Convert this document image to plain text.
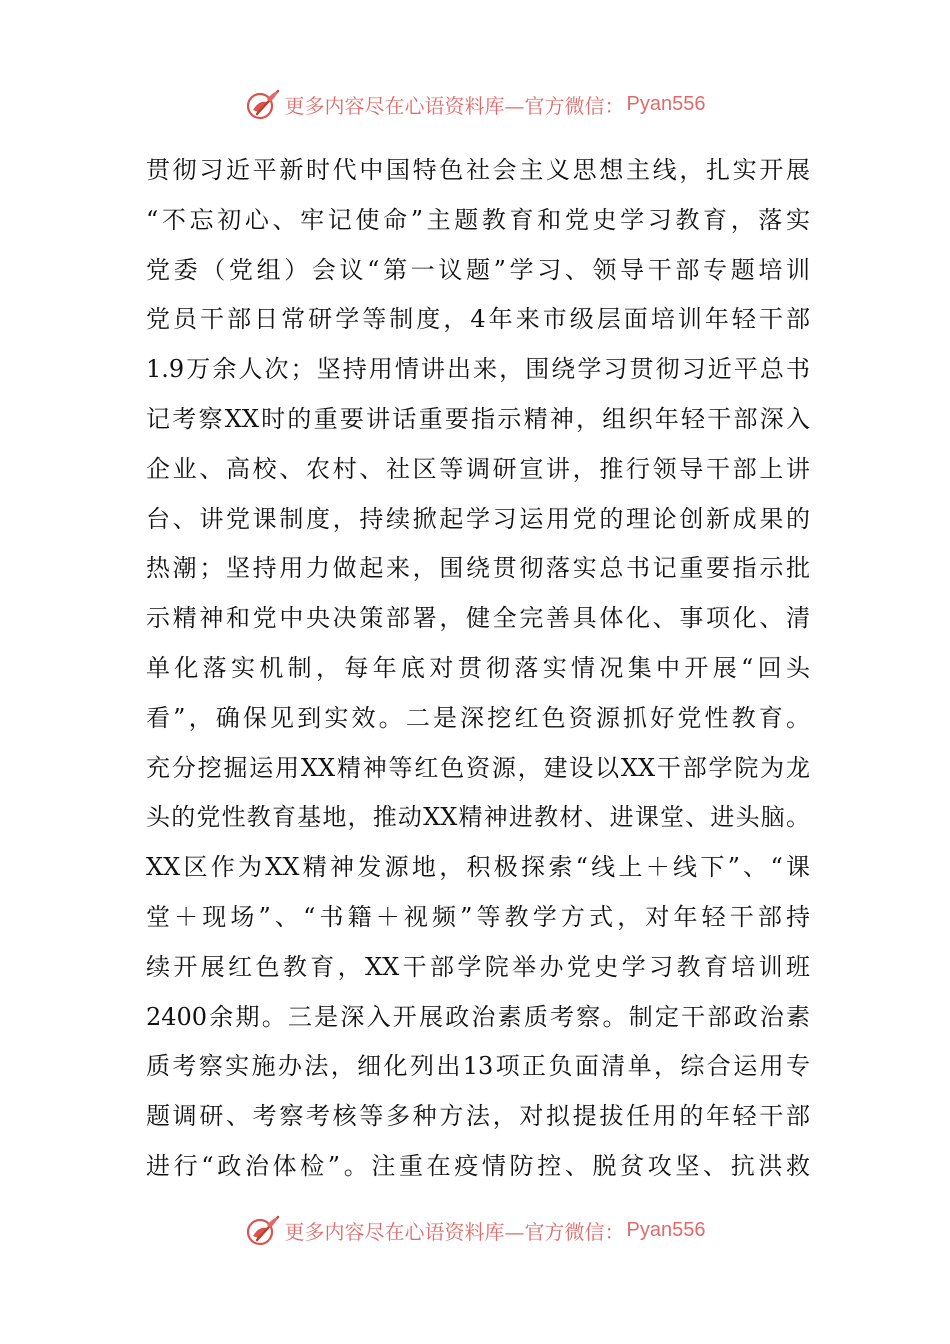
更多内容尽在心语资料库—官方微信： Pyan556
贯彻习近平新时代中国特色社会主义思想主线，扎实开展
“不忘初心、牢记使命”主题教育和党史学习教育，落实
党委（党组）会议“第一议题”学习、领导干部专题培训
党员干部日常研学等制度，4年来市级层面培训年轻干部
1.9万余人次；坚持用情讲出来，围绕学习贯彻习近平总书
记考察XX时的重要讲话重要指示精神，组织年轻干部深入
企业、高校、农村、社区等调研宣讲，推行领导干部上讲
台、讲党课制度，持续掀起学习运用党的理论创新成果的
热潮；坚持用力做起来，围绕贯彻落实总书记重要指示批
示精神和党中央决策部署，健全完善具体化、事项化、清
单化落实机制，每年底对贯彻落实情况集中开展“回头
看”，确保见到实效。二是深挖红色资源抓好党性教育。
充分挖掘运用XX精神等红色资源，建设以XX干部学院为龙
头的党性教育基地，推动XX精神进教材、进课堂、进头脑。
XX区作为XX精神发源地，积极探索“线上＋线下”、“课
堂＋现场”、“书籍＋视频”等教学方式，对年轻干部持
续开展红色教育，XX干部学院举办党史学习教育培训班
2400余期。三是深入开展政治素质考察。制定干部政治素
质考察实施办法，细化列出13项正负面清单，综合运用专
题调研、考察考核等多种方法，对拟提拔任用的年轻干部
进行“政治体检”。注重在疫情防控、脱贫攻坚、抗洪救
更多内容尽在心语资料库—官方微信： Pyan556
